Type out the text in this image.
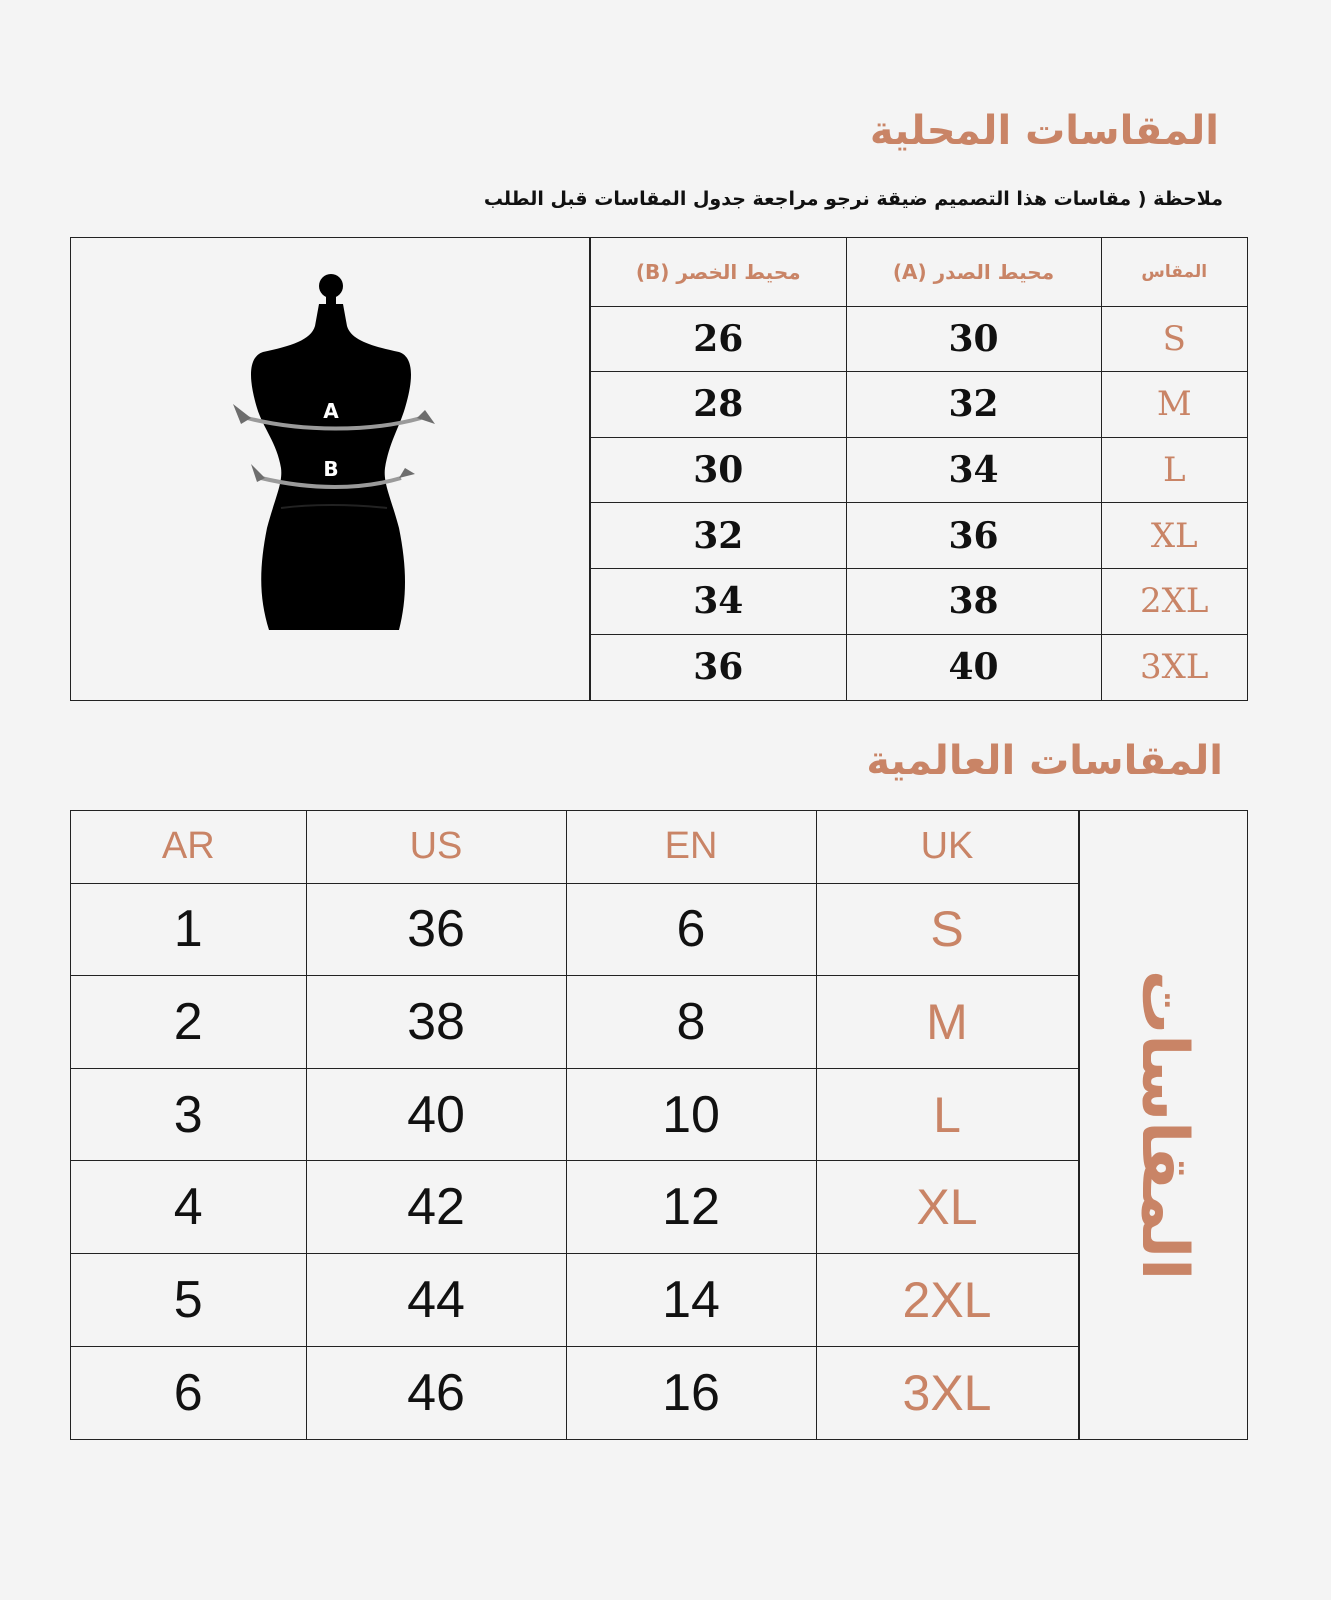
المقاسات المحلية
ملاحظة ( مقاسات هذا التصميم ضيقة نرجو مراجعة جدول المقاسات قبل الطلب
A
B
محيط الخصر (B)	محيط الصدر (A)	المقاس
26	30	S
28	32	M
30	34	L
32	36	XL
34	38	2XL
36	40	3XL
المقاسات العالمية
AR	US	EN	UK
1	36	6	S
2	38	8	M
3	40	10	L
4	42	12	XL
5	44	14	2XL
6	46	16	3XL
المقاسات
